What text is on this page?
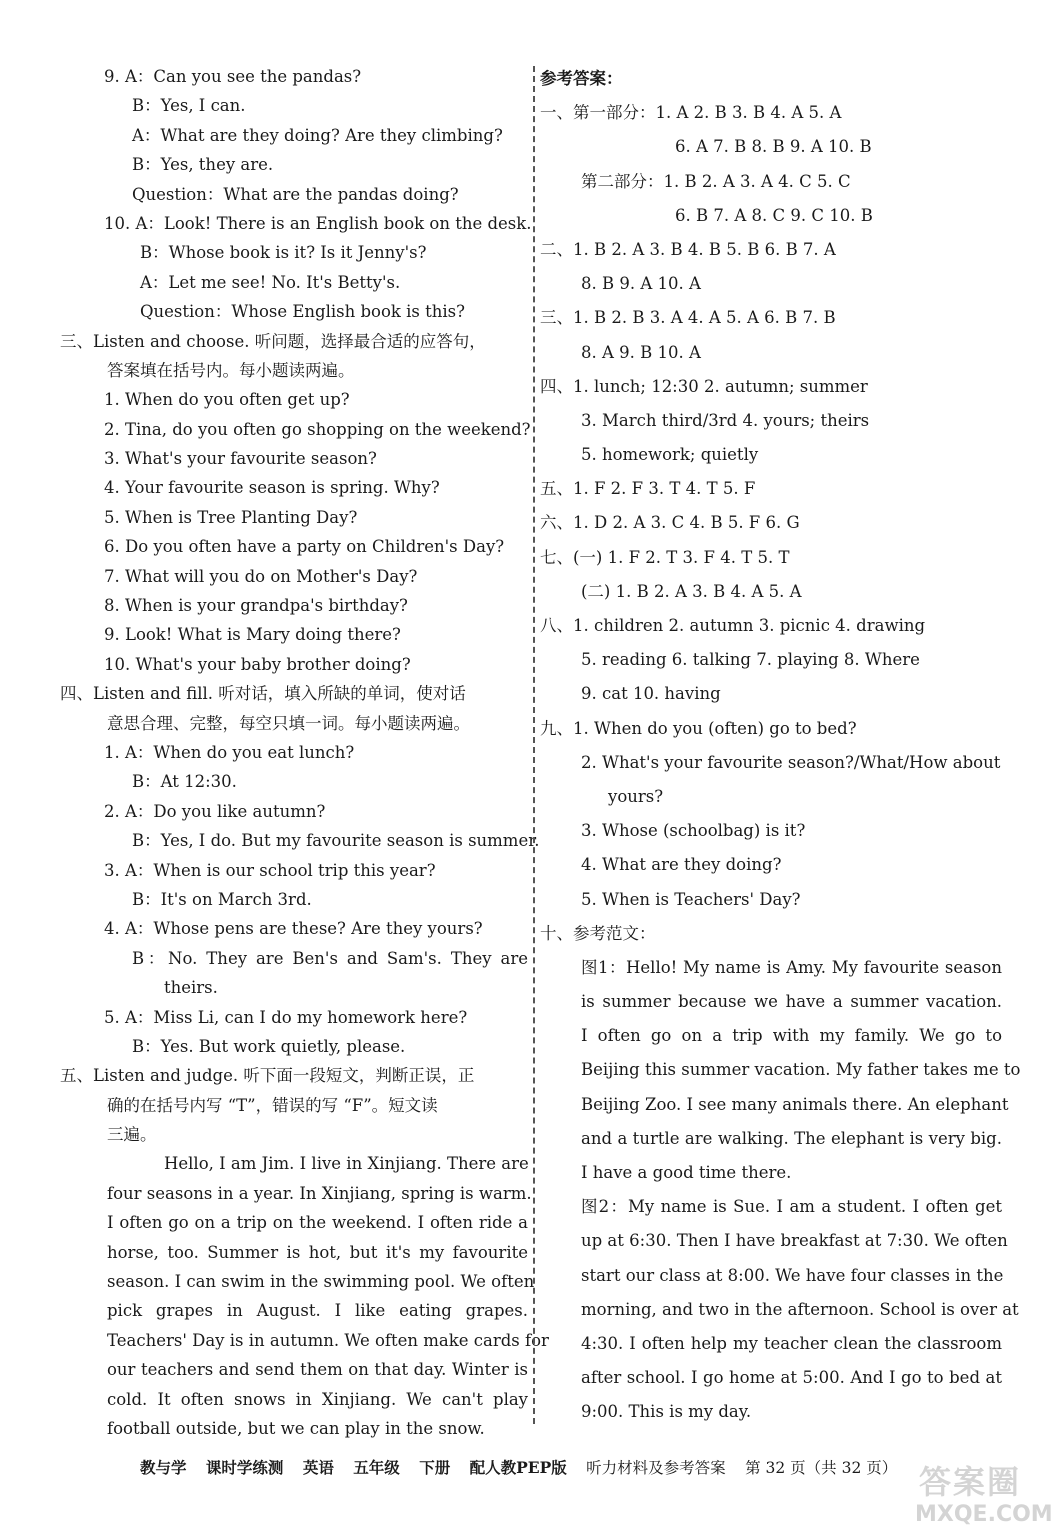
9. A：Can you see the pandas?
B：Yes, I can.
A：What are they doing? Are they climbing?
B：Yes, they are.
Question：What are the pandas doing?
10. A：Look! There is an English book on the desk.
B：Whose book is it? Is it Jenny's?
A：Let me see! No. It's Betty's.
Question：Whose English book is this?
三、Listen and choose. 听问题，选择最合适的应答句，
答案填在括号内。每小题读两遍。
1. When do you often get up?
2. Tina, do you often go shopping on the weekend?
3. What's your favourite season?
4. Your favourite season is spring. Why?
5. When is Tree Planting Day?
6. Do you often have a party on Children's Day?
7. What will you do on Mother's Day?
8. When is your grandpa's birthday?
9. Look! What is Mary doing there?
10. What's your baby brother doing?
四、Listen and fill. 听对话，填入所缺的单词，使对话
意思合理、完整，每空只填一词。每小题读两遍。
1. A：When do you eat lunch?
B：At 12:30.
2. A：Do you like autumn?
B：Yes, I do. But my favourite season is summer.
3. A：When is our school trip this year?
B：It's on March 3rd.
4. A：Whose pens are these? Are they yours?
B：No. They are Ben's and Sam's. They are
theirs.
5. A：Miss Li, can I do my homework here?
B：Yes. But work quietly, please.
五、Listen and judge. 听下面一段短文，判断正误，正
确的在括号内写 “T”，错误的写 “F”。短文读
三遍。
Hello, I am Jim. I live in Xinjiang. There are
four seasons in a year. In Xinjiang, spring is warm.
I often go on a trip on the weekend. I often ride a
horse, too. Summer is hot, but it's my favourite
season. I can swim in the swimming pool. We often
pick grapes in August. I like eating grapes.
Teachers' Day is in autumn. We often make cards for
our teachers and send them on that day. Winter is
cold. It often snows in Xinjiang. We can't play
football outside, but we can play in the snow.
参考答案：
一、第一部分：1. A 2. B 3. B 4. A 5. A
6. A 7. B 8. B 9. A 10. B
第二部分：1. B 2. A 3. A 4. C 5. C
6. B 7. A 8. C 9. C 10. B
二、1. B 2. A 3. B 4. B 5. B 6. B 7. A
8. B 9. A 10. A
三、1. B 2. B 3. A 4. A 5. A 6. B 7. B
8. A 9. B 10. A
四、1. lunch; 12:30 2. autumn; summer
3. March third/3rd 4. yours; theirs
5. homework; quietly
五、1. F 2. F 3. T 4. T 5. F
六、1. D 2. A 3. C 4. B 5. F 6. G
七、(一) 1. F 2. T 3. F 4. T 5. T
(二) 1. B 2. A 3. B 4. A 5. A
八、1. children 2. autumn 3. picnic 4. drawing
5. reading 6. talking 7. playing 8. Where
9. cat 10. having
九、1. When do you (often) go to bed?
2. What's your favourite season?/What/How about
yours?
3. Whose (schoolbag) is it?
4. What are they doing?
5. When is Teachers' Day?
十、参考范文：
图1：Hello! My name is Amy. My favourite season
is summer because we have a summer vacation.
I often go on a trip with my family. We go to
Beijing this summer vacation. My father takes me to
Beijing Zoo. I see many animals there. An elephant
and a turtle are walking. The elephant is very big.
I have a good time there.
图2：My name is Sue. I am a student. I often get
up at 6:30. Then I have breakfast at 7:30. We often
start our class at 8:00. We have four classes in the
morning, and two in the afternoon. School is over at
4:30. I often help my teacher clean the classroom
after school. I go home at 5:00. And I go to bed at
9:00. This is my day.
教与学 课时学练测 英语 五年级 下册 配人教PEP版 听力材料及参考答案 第 32 页（共 32 页） 答案圈
MXQE.COM
